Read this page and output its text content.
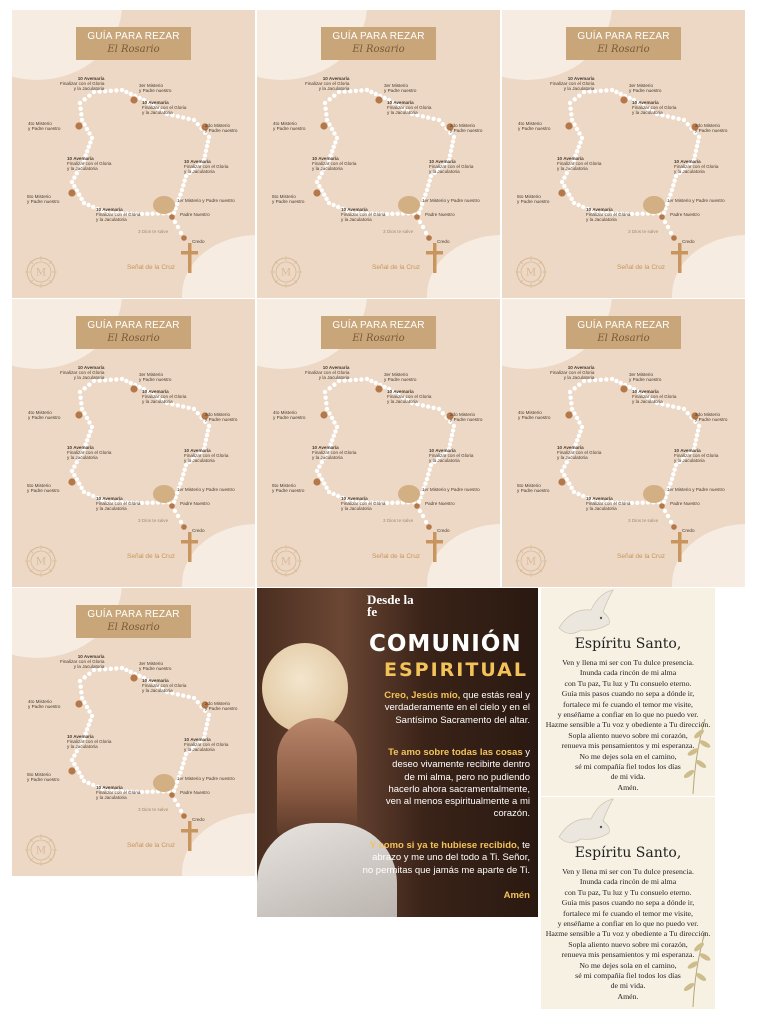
GUÍA PARA REZAR
El Rosario
10 Avemaría
Finalizar con el Gloria
y la Jaculatoria
3er Misterio
y Padre nuestro
10 Avemaría
Finalizar con el Gloria
y la Jaculatoria
4to Misterio
y Padre nuestro
2do Misterio
y Padre nuestro
10 Avemaría
Finalizar con el Gloria
y la Jaculatoria
10 Avemaría
Finalizar con el Gloria
y la Jaculatoria
5to Misterio
y Padre nuestro	1er Misterio y Padre nuestro
10 Avemaría
Finalizar con el Gloria
y la Jaculatoria
Padre Nuestro
3 Dios te salve
Credo
Señal de la Cruz
M
GUÍA PARA REZAR
El Rosario
10 Avemaría
Finalizar con el Gloria
y la Jaculatoria
3er Misterio
y Padre nuestro
10 Avemaría
Finalizar con el Gloria
y la Jaculatoria
4to Misterio
y Padre nuestro
2do Misterio
y Padre nuestro
10 Avemaría
Finalizar con el Gloria
y la Jaculatoria
10 Avemaría
Finalizar con el Gloria
y la Jaculatoria
5to Misterio
y Padre nuestro	1er Misterio y Padre nuestro
10 Avemaría
Finalizar con el Gloria
y la Jaculatoria
Padre Nuestro
3 Dios te salve
Credo
Señal de la Cruz
M
GUÍA PARA REZAR
El Rosario
10 Avemaría
Finalizar con el Gloria
y la Jaculatoria
3er Misterio
y Padre nuestro
10 Avemaría
Finalizar con el Gloria
y la Jaculatoria
4to Misterio
y Padre nuestro
2do Misterio
y Padre nuestro
10 Avemaría
Finalizar con el Gloria
y la Jaculatoria
10 Avemaría
Finalizar con el Gloria
y la Jaculatoria
5to Misterio
y Padre nuestro	1er Misterio y Padre nuestro
10 Avemaría
Finalizar con el Gloria
y la Jaculatoria
Padre Nuestro
3 Dios te salve
Credo
Señal de la Cruz
M
GUÍA PARA REZAR
El Rosario
10 Avemaría
Finalizar con el Gloria
y la Jaculatoria
3er Misterio
y Padre nuestro
10 Avemaría
Finalizar con el Gloria
y la Jaculatoria
4to Misterio
y Padre nuestro
2do Misterio
y Padre nuestro
10 Avemaría
Finalizar con el Gloria
y la Jaculatoria
10 Avemaría
Finalizar con el Gloria
y la Jaculatoria
5to Misterio
y Padre nuestro	1er Misterio y Padre nuestro
10 Avemaría
Finalizar con el Gloria
y la Jaculatoria
Padre Nuestro
3 Dios te salve
Credo
Señal de la Cruz
M
GUÍA PARA REZAR
El Rosario
10 Avemaría
Finalizar con el Gloria
y la Jaculatoria
3er Misterio
y Padre nuestro
10 Avemaría
Finalizar con el Gloria
y la Jaculatoria
4to Misterio
y Padre nuestro
2do Misterio
y Padre nuestro
10 Avemaría
Finalizar con el Gloria
y la Jaculatoria
10 Avemaría
Finalizar con el Gloria
y la Jaculatoria
5to Misterio
y Padre nuestro	1er Misterio y Padre nuestro
10 Avemaría
Finalizar con el Gloria
y la Jaculatoria
Padre Nuestro
3 Dios te salve
Credo
Señal de la Cruz
M
GUÍA PARA REZAR
El Rosario
10 Avemaría
Finalizar con el Gloria
y la Jaculatoria
3er Misterio
y Padre nuestro
10 Avemaría
Finalizar con el Gloria
y la Jaculatoria
4to Misterio
y Padre nuestro
2do Misterio
y Padre nuestro
10 Avemaría
Finalizar con el Gloria
y la Jaculatoria
10 Avemaría
Finalizar con el Gloria
y la Jaculatoria
5to Misterio
y Padre nuestro	1er Misterio y Padre nuestro
10 Avemaría
Finalizar con el Gloria
y la Jaculatoria
Padre Nuestro
3 Dios te salve
Credo
Señal de la Cruz
M
GUÍA PARA REZAR
El Rosario
10 Avemaría
Finalizar con el Gloria
y la Jaculatoria
3er Misterio
y Padre nuestro
10 Avemaría
Finalizar con el Gloria
y la Jaculatoria
4to Misterio
y Padre nuestro
2do Misterio
y Padre nuestro
10 Avemaría
Finalizar con el Gloria
y la Jaculatoria
10 Avemaría
Finalizar con el Gloria
y la Jaculatoria
5to Misterio
y Padre nuestro	1er Misterio y Padre nuestro
10 Avemaría
Finalizar con el Gloria
y la Jaculatoria
Padre Nuestro
3 Dios te salve
Credo
Señal de la Cruz
M
Desde la fe
COMUNIÓN
ESPIRITUAL
Creo, Jesús mío, que estás real y verdaderamente en el cielo y en el Santísimo Sacramento del altar.
Te amo sobre todas las cosas y deseo vivamente recibirte dentro de mi alma, pero no pudiendo hacerlo ahora sacramentalmente, ven al menos espiritualmente a mi corazón.
Y como si ya te hubiese recibido, te abrazo y me uno del todo a Ti. Señor, no permitas que jamás me aparte de Ti.
Amén
Espíritu Santo,
Ven y llena mi ser con Tu dulce presencia.
Inunda cada rincón de mi alma
con Tu paz, Tu luz y Tu consuelo eterno.
Guía mis pasos cuando no sepa a dónde ir,
fortalece mi fe cuando el temor me visite,
y enséñame a confiar en lo que no puedo ver.
Hazme sensible a Tu voz y obediente a Tu dirección.
Sopla aliento nuevo sobre mi corazón,
renueva mis pensamientos y mi esperanza.
No me dejes sola en el camino,
sé mi compañía fiel todos los días
de mi vida.
Amén.
Espíritu Santo,
Ven y llena mi ser con Tu dulce presencia.
Inunda cada rincón de mi alma
con Tu paz, Tu luz y Tu consuelo eterno.
Guía mis pasos cuando no sepa a dónde ir,
fortalece mi fe cuando el temor me visite,
y enséñame a confiar en lo que no puedo ver.
Hazme sensible a Tu voz y obediente a Tu dirección.
Sopla aliento nuevo sobre mi corazón,
renueva mis pensamientos y mi esperanza.
No me dejes sola en el camino,
sé mi compañía fiel todos los días
de mi vida.
Amén.
